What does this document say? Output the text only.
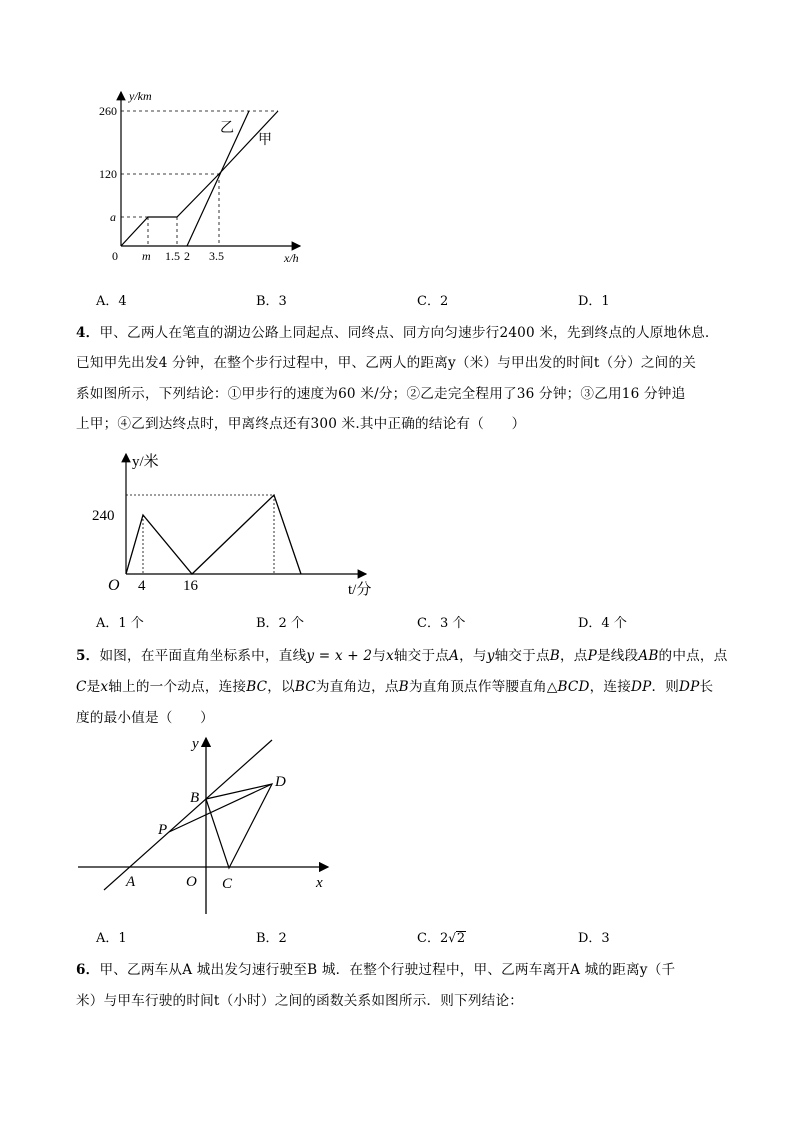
y/km
x/h
260
120
a
0 m 1.5 2 3.5
乙
甲
A．4	B．3	C．2	D．1
4．甲、乙两人在笔直的湖边公路上同起点、同终点、同方向匀速步行2400 米，先到终点的人原地休息.
已知甲先出发4 分钟，在整个步行过程中，甲、乙两人的距离y（米）与甲出发的时间t（分）之间的关
系如图所示，下列结论：①甲步行的速度为60 米/分；②乙走完全程用了36 分钟；③乙用16 分钟追
上甲；④乙到达终点时，甲离终点还有300 米.其中正确的结论有（　　）
y/米
t/分
240
O 4	16
A．1 个	B．2 个	C．3 个	D．4 个
5．如图，在平面直角坐标系中，直线y = x + 2与x轴交于点A，与y轴交于点B，点P是线段AB的中点，点
C是x轴上的一个动点，连接BC，以BC为直角边，点B为直角顶点作等腰直角△BCD，连接DP．则DP长
度的最小值是（　　）
y
x
O
A
B
C
D
P
A．1	B．2	C．2√2	D．3
6．甲、乙两车从A 城出发匀速行驶至B 城．在整个行驶过程中，甲、乙两车离开A 城的距离y（千
米）与甲车行驶的时间t（小时）之间的函数关系如图所示．则下列结论：
